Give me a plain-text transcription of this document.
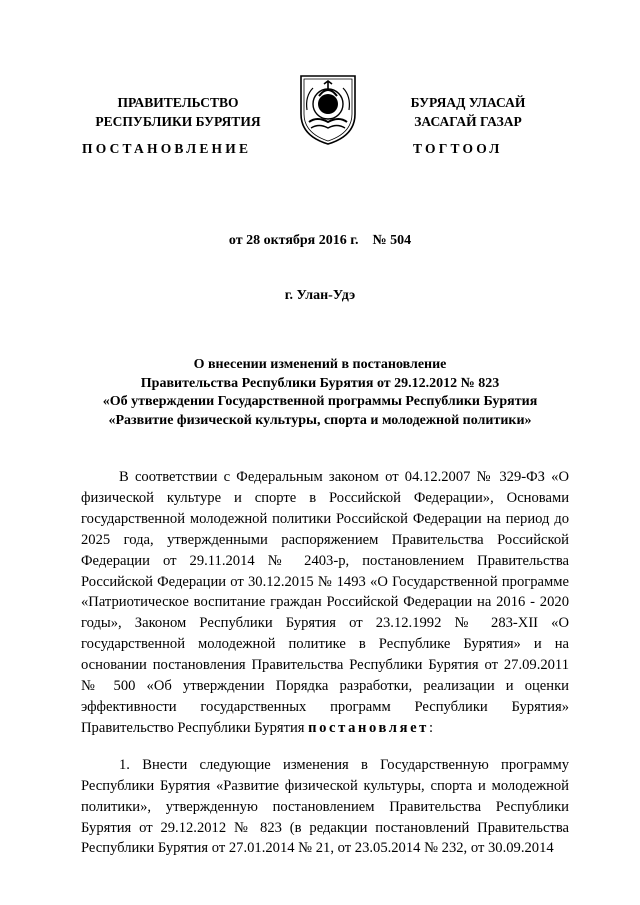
ПРАВИТЕЛЬСТВО
РЕСПУБЛИКИ БУРЯТИЯ
БУРЯАД УЛАСАЙ
ЗАСАГАЙ ГАЗАР
ПОСТАНОВЛЕНИЕ	ТОГТООЛ
от 28 октября 2016 г.    № 504
г. Улан-Удэ
О внесении изменений в постановление
Правительства Республики Бурятия от 29.12.2012 № 823
«Об утверждении Государственной программы Республики Бурятия
«Развитие физической культуры, спорта и молодежной политики»

В соответствии с Федеральным законом от 04.12.2007 № 329-ФЗ «О физической культуре и спорте в Российской Федерации», Основами государственной молодежной политики Российской Федерации на период до 2025 года, утвержденными распоряжением Правительства Российской Федерации от 29.11.2014 № 2403-р, постановлением Правительства Российской Федерации от 30.12.2015 № 1493 «О Государственной программе «Патриотическое воспитание граждан Российской Федерации на 2016 - 2020 годы», Законом Республики Бурятия от 23.12.1992 № 283-XII «О государственной молодежной политике в Республике Бурятия» и на основании постановления Правительства Республики Бурятия от 27.09.2011 № 500 «Об утверждении Порядка разработки, реализации и оценки эффективности государственных программ Республики Бурятия» Правительство Республики Бурятия постановляет:

1. Внести следующие изменения в Государственную программу Республики Бурятия «Развитие физической культуры, спорта и молодежной политики», утвержденную постановлением Правительства Республики Бурятия от 29.12.2012 № 823 (в редакции постановлений Правительства Республики Бурятия от 27.01.2014 № 21, от 23.05.2014 № 232, от 30.09.2014
